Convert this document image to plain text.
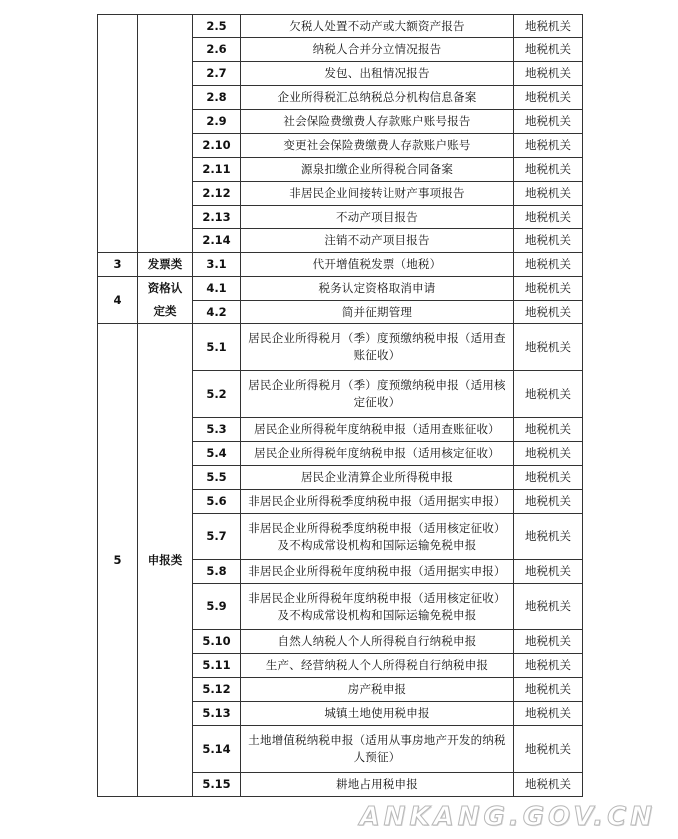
		2.5	欠税人处置不动产或大额资产报告	地税机关
		2.6	纳税人合并分立情况报告	地税机关
		2.7	发包、出租情况报告	地税机关
		2.8	企业所得税汇总纳税总分机构信息备案	地税机关
		2.9	社会保险费缴费人存款账户账号报告	地税机关
		2.10	变更社会保险费缴费人存款账户账号	地税机关
		2.11	源泉扣缴企业所得税合同备案	地税机关
		2.12	非居民企业间接转让财产事项报告	地税机关
		2.13	不动产项目报告	地税机关
		2.14	注销不动产项目报告	地税机关
3	发票类	3.1	代开增值税发票（地税）	地税机关
4	资格认定类	4.1	税务认定资格取消申请	地税机关
		4.2	简并征期管理	地税机关
5	申报类	5.1	居民企业所得税月（季）度预缴纳税申报（适用查账征收）	地税机关
		5.2	居民企业所得税月（季）度预缴纳税申报（适用核定征收）	地税机关
		5.3	居民企业所得税年度纳税申报（适用查账征收）	地税机关
		5.4	居民企业所得税年度纳税申报（适用核定征收）	地税机关
		5.5	居民企业清算企业所得税申报	地税机关
		5.6	非居民企业所得税季度纳税申报（适用据实申报）	地税机关
		5.7	非居民企业所得税季度纳税申报（适用核定征收）及不构成常设机构和国际运输免税申报	地税机关
		5.8	非居民企业所得税年度纳税申报（适用据实申报）	地税机关
		5.9	非居民企业所得税年度纳税申报（适用核定征收）及不构成常设机构和国际运输免税申报	地税机关
		5.10	自然人纳税人个人所得税自行纳税申报	地税机关
		5.11	生产、经营纳税人个人所得税自行纳税申报	地税机关
		5.12	房产税申报	地税机关
		5.13	城镇土地使用税申报	地税机关
		5.14	土地增值税纳税申报（适用从事房地产开发的纳税人预征）	地税机关
		5.15	耕地占用税申报	地税机关
ANKANG.GOV.CN
